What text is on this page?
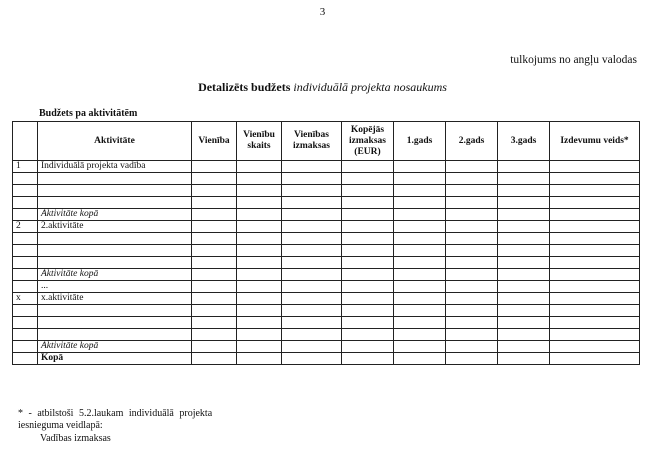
3
tulkojums no angļu valodas
Detalizēts budžets individuālā projekta nosaukums
Budžets pa aktivitātēm
	Aktivitāte	Vienība	Vienību skaits	Vienības izmaksas	Kopējās izmaksas (EUR)	1.gads	2.gads	3.gads	Izdevumu veids*
1	Individuālā projekta vadība								

	Aktivitāte kopā								
2	2.aktivitāte								

	Aktivitāte kopā								
	...								
x	x.aktivitāte								

	Aktivitāte kopā								
	Kopā								
* - atbilstoši 5.2.laukam individuālā projekta
iesnieguma veidlapā:
Vadības izmaksas
